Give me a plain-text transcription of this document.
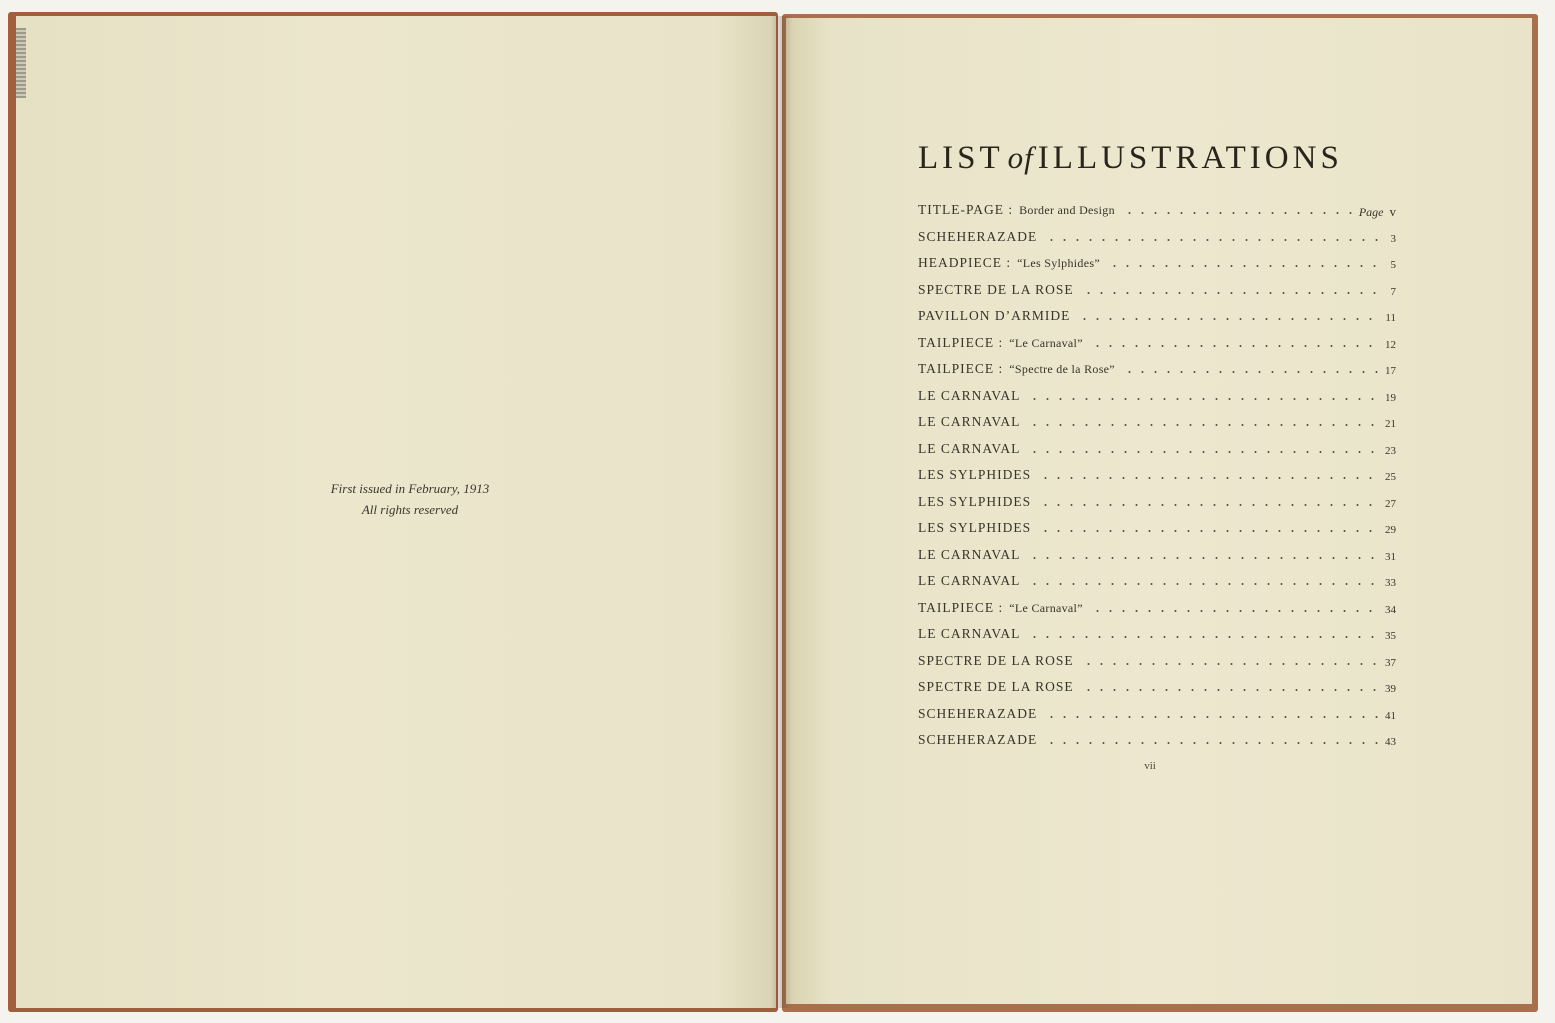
First issued in February, 1913
All rights reserved
LIST of ILLUSTRATIONS
TITLE-PAGE : Border and Design	Page v
SCHEHERAZADE	3
HEADPIECE : “Les Sylphides”	5
SPECTRE DE LA ROSE	7
PAVILLON D’ARMIDE	11
TAILPIECE : “Le Carnaval”	12
TAILPIECE : “Spectre de la Rose”	17
LE CARNAVAL	19
LE CARNAVAL	21
LE CARNAVAL	23
LES SYLPHIDES	25
LES SYLPHIDES	27
LES SYLPHIDES	29
LE CARNAVAL	31
LE CARNAVAL	33
TAILPIECE : “Le Carnaval”	34
LE CARNAVAL	35
SPECTRE DE LA ROSE	37
SPECTRE DE LA ROSE	39
SCHEHERAZADE	41
SCHEHERAZADE	43
vii
